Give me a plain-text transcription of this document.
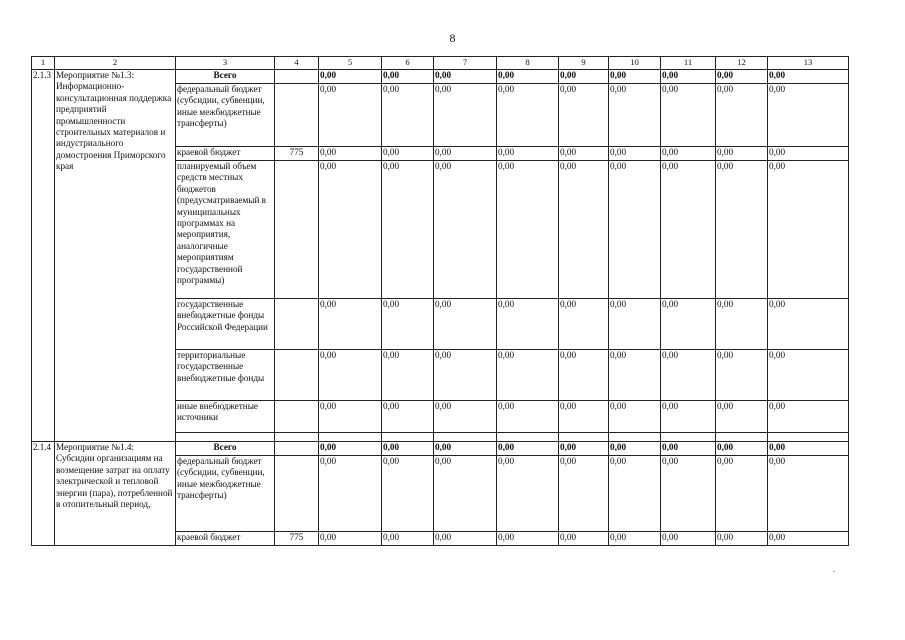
8
1	2	3	4	5	6	7	8	9	10	11	12	13
2.1.3	Мероприятие №1.3: Информационно-консультационная поддержка предприятий промышленности строительных материалов и индустриального домостроения Приморского края	Всего		0,00	0,00	0,00	0,00	0,00	0,00	0,00	0,00	0,00
		федеральный бюджет (субсидии, субвенции, иные межбюджетные трансферты)		0,00	0,00	0,00	0,00	0,00	0,00	0,00	0,00	0,00
		краевой бюджет	775	0,00	0,00	0,00	0,00	0,00	0,00	0,00	0,00	0,00
		планируемый объем средств местных бюджетов (предусматриваемый в муниципальных программах на мероприятия, аналогичные мероприятиям государственной программы)		0,00	0,00	0,00	0,00	0,00	0,00	0,00	0,00	0,00
		государственные внебюджетные фонды Российской Федерации		0,00	0,00	0,00	0,00	0,00	0,00	0,00	0,00	0,00
		территориальные государственные внебюджетные фонды		0,00	0,00	0,00	0,00	0,00	0,00	0,00	0,00	0,00
		иные внебюджетные источники		0,00	0,00	0,00	0,00	0,00	0,00	0,00	0,00	0,00

2.1.4	Мероприятие №1.4: Субсидии организациям на возмещение затрат на оплату электрической и тепловой энергии (пара), потребленной в отопительный период,	Всего		0,00	0,00	0,00	0,00	0,00	0,00	0,00	0,00	0,00
		федеральный бюджет (субсидии, субвенции, иные межбюджетные трансферты)		0,00	0,00	0,00	0,00	0,00	0,00	0,00	0,00	0,00
		краевой бюджет	775	0,00	0,00	0,00	0,00	0,00	0,00	0,00	0,00	0,00
